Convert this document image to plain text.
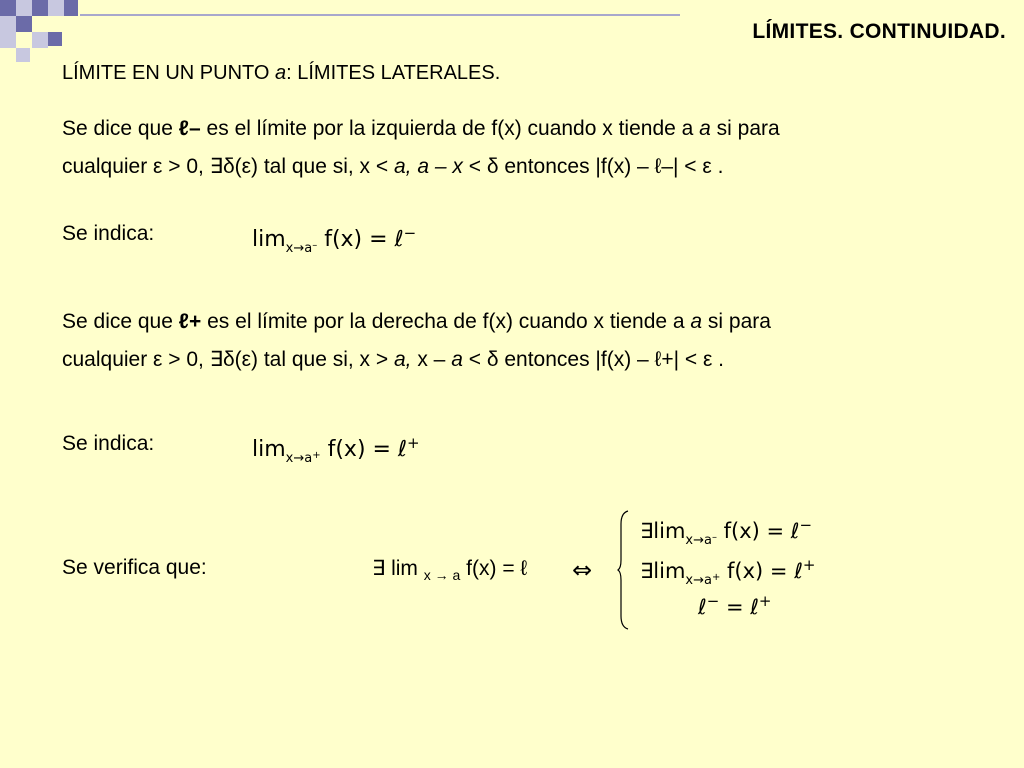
LÍMITES. CONTINUIDAD.
LÍMITE EN UN PUNTO a: LÍMITES LATERALES.
Se dice que ℓ– es el límite por la izquierda de f(x) cuando x tiende a a si para
cualquier ε > 0, ∃δ(ε) tal que si, x < a, a – x < δ entonces |f(x) – ℓ–| < ε .
Se indica:	$\lim_{x\to a^-} f(x)$ = ℓ−
Se dice que ℓ+ es el límite por la derecha de f(x) cuando x tiende a a si para
cualquier ε > 0, ∃δ(ε) tal que si, x > a, x – a < δ entonces |f(x) – ℓ+| < ε .
Se indica:	$\lim_{x\to a^+} f(x)$ = ℓ+
Se verifica que:	∃ lim $_{x \to a}$ f(x) = ℓ ⇔
$\exists\lim_{x\to a^-}$ f(x) = ℓ−
$\exists\lim_{x\to a^+}$ f(x) = ℓ+
ℓ− = ℓ+
